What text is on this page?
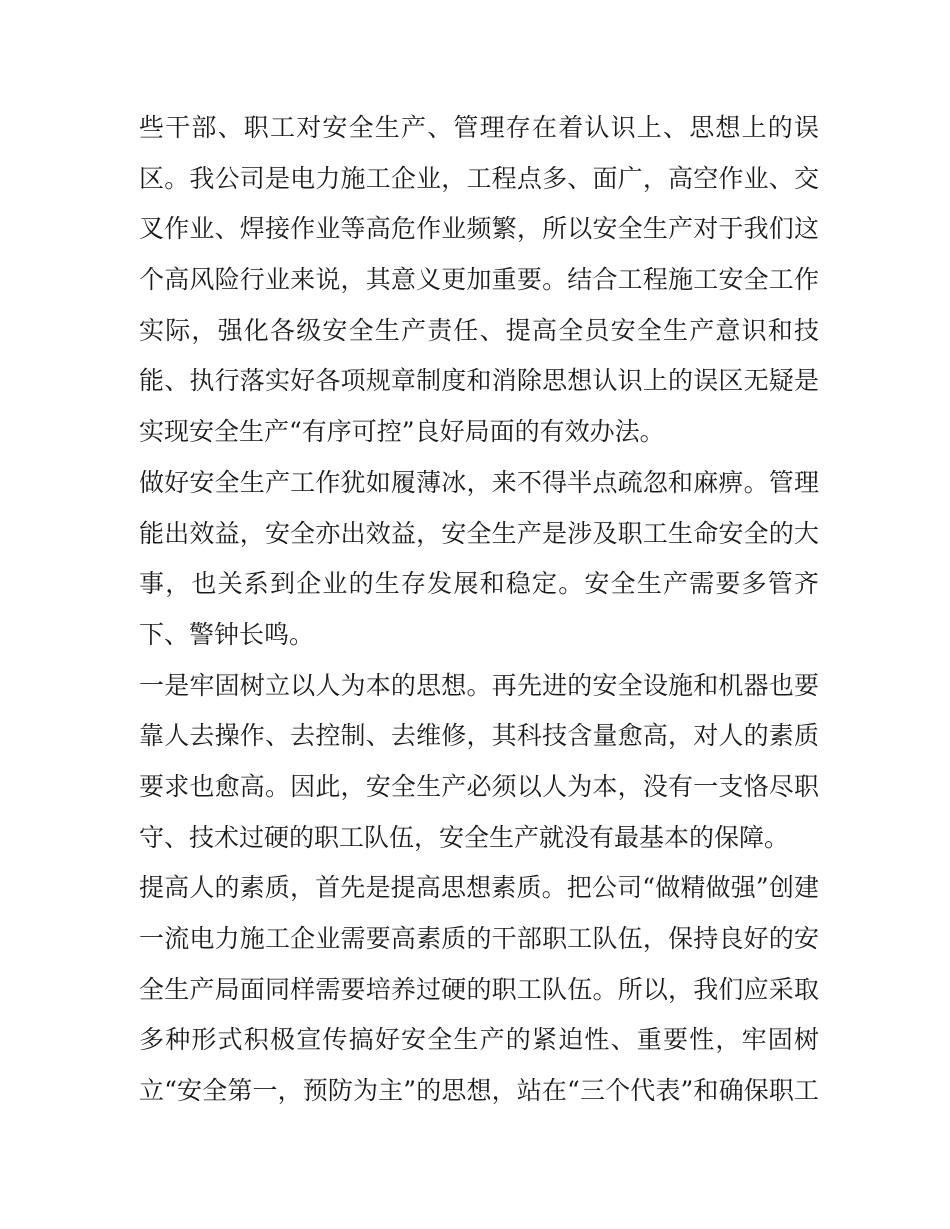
些干部、职工对安全生产、管理存在着认识上、思想上的误
区。我公司是电力施工企业，工程点多、面广，高空作业、交
叉作业、焊接作业等高危作业频繁，所以安全生产对于我们这
个高风险行业来说，其意义更加重要。结合工程施工安全工作
实际，强化各级安全生产责任、提高全员安全生产意识和技
能、执行落实好各项规章制度和消除思想认识上的误区无疑是
实现安全生产“有序可控”良好局面的有效办法。
做好安全生产工作犹如履薄冰，来不得半点疏忽和麻痹。管理
能出效益，安全亦出效益，安全生产是涉及职工生命安全的大
事，也关系到企业的生存发展和稳定。安全生产需要多管齐
下、警钟长鸣。
一是牢固树立以人为本的思想。再先进的安全设施和机器也要
靠人去操作、去控制、去维修，其科技含量愈高，对人的素质
要求也愈高。因此，安全生产必须以人为本，没有一支恪尽职
守、技术过硬的职工队伍，安全生产就没有最基本的保障。
提高人的素质，首先是提高思想素质。把公司“做精做强”创建
一流电力施工企业需要高素质的干部职工队伍，保持良好的安
全生产局面同样需要培养过硬的职工队伍。所以，我们应采取
多种形式积极宣传搞好安全生产的紧迫性、重要性，牢固树
立“安全第一，预防为主”的思想，站在“三个代表”和确保职工
